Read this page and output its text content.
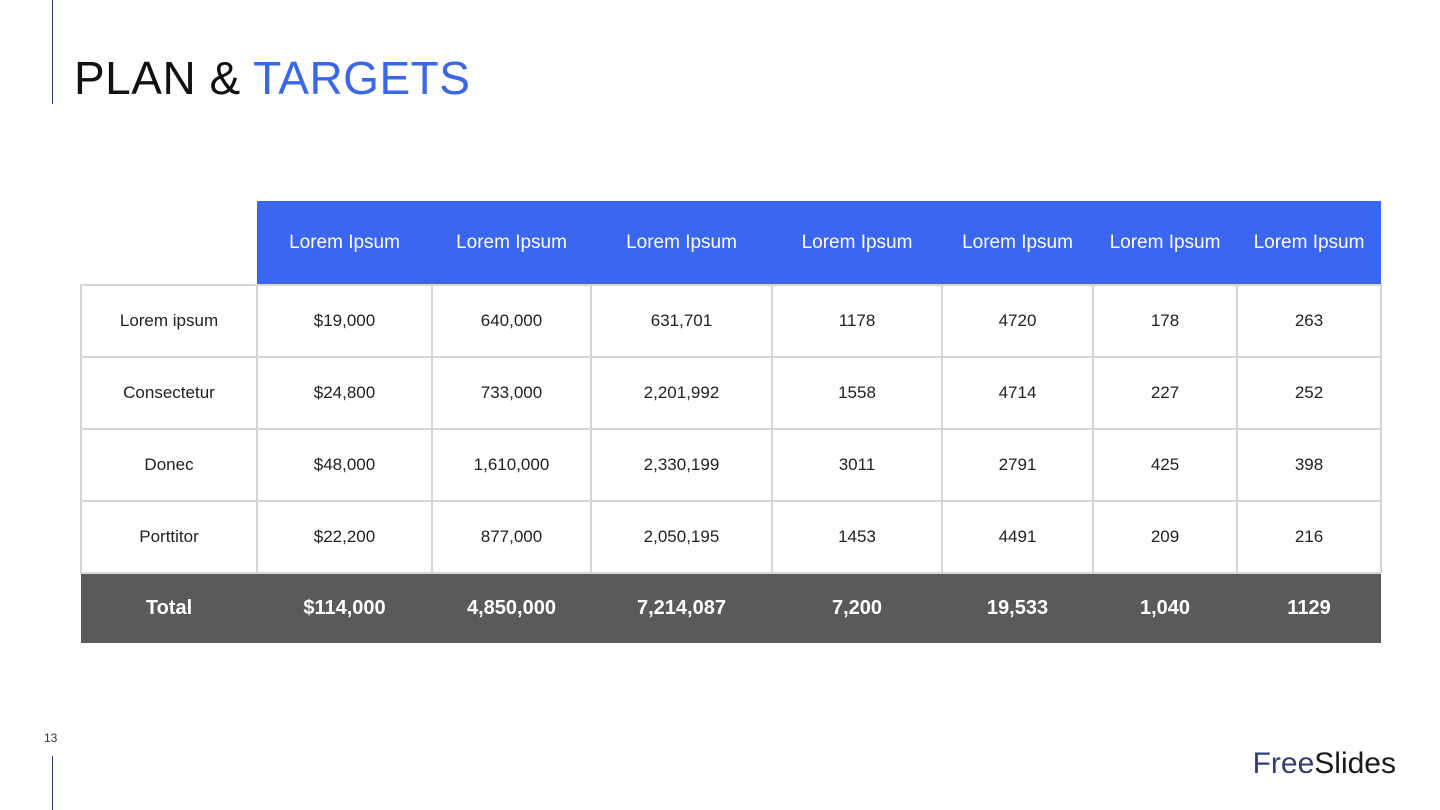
PLAN & TARGETS
	Lorem Ipsum	Lorem Ipsum	Lorem Ipsum	Lorem Ipsum	Lorem Ipsum	Lorem Ipsum	Lorem Ipsum
Lorem ipsum	$19,000	640,000	631,701	1178	4720	178	263
Consectetur	$24,800	733,000	2,201,992	1558	4714	227	252
Donec	$48,000	1,610,000	2,330,199	3011	2791	425	398
Porttitor	$22,200	877,000	2,050,195	1453	4491	209	216
Total	$114,000	4,850,000	7,214,087	7,200	19,533	1,040	1129
13
FreeSlides
